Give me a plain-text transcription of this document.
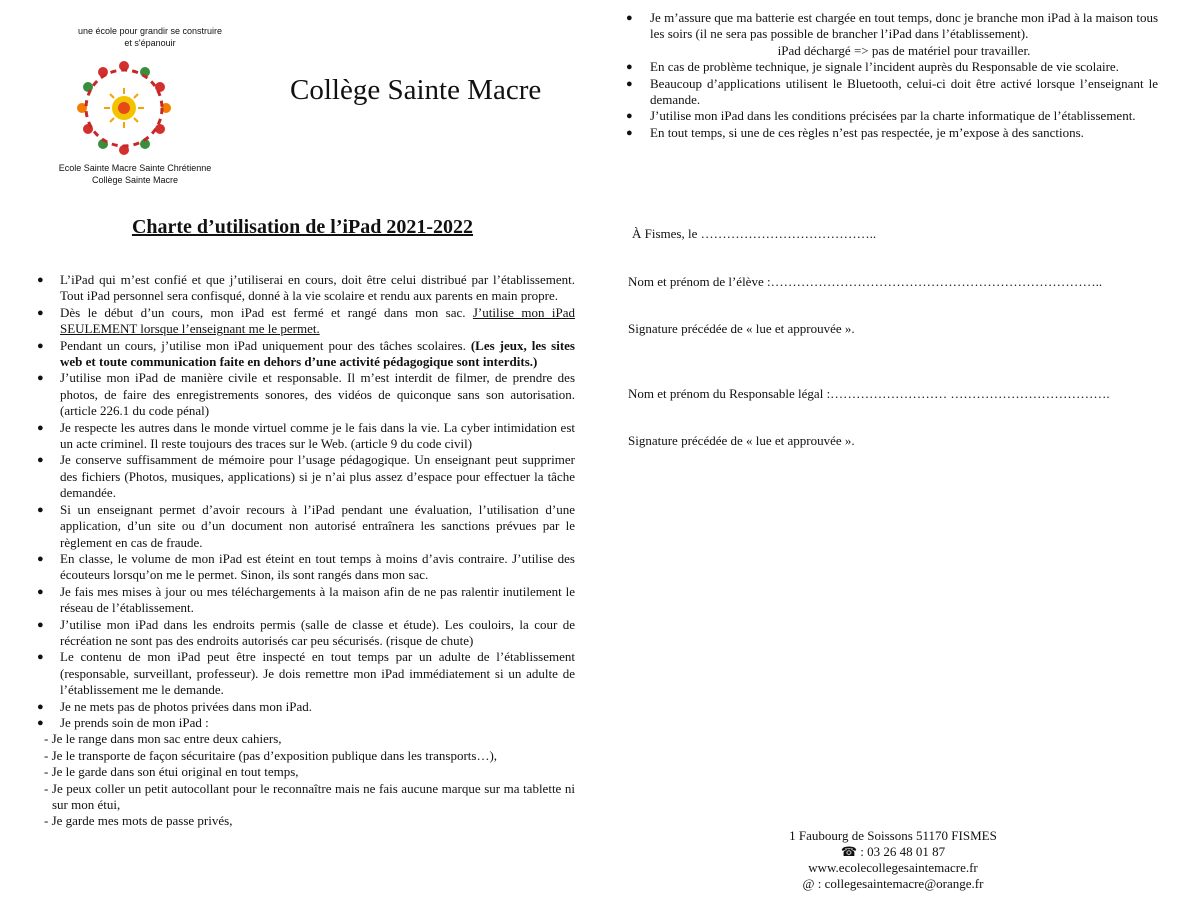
une école pour grandir se construire
et s'épanouir
Ecole Sainte Macre Sainte Chrétienne
Collège Sainte Macre
Collège Sainte Macre
Charte d’utilisation de l’iPad 2021-2022
● L’iPad qui m’est confié et que j’utiliserai en cours, doit être celui distribué par l’établissement. Tout iPad personnel sera confisqué, donné à la vie scolaire et rendu aux parents en main propre.
● Dès le début d’un cours, mon iPad est fermé et rangé dans mon sac. J’utilise mon iPad SEULEMENT lorsque l’enseignant me le permet.
● Pendant un cours, j’utilise mon iPad uniquement pour des tâches scolaires. (Les jeux, les sites web et toute communication faite en dehors d’une activité pédagogique sont interdits.)
● J’utilise mon iPad de manière civile et responsable. Il m’est interdit de filmer, de prendre des photos, de faire des enregistrements sonores, des vidéos de quiconque sans son autorisation. (article 226.1 du code pénal)
● Je respecte les autres dans le monde virtuel comme je le fais dans la vie. La cyber intimidation est un acte criminel. Il reste toujours des traces sur le Web. (article 9 du code civil)
● Je conserve suffisamment de mémoire pour l’usage pédagogique. Un enseignant peut supprimer des fichiers (Photos, musiques, applications) si je n’ai plus assez d’espace pour effectuer la tâche demandée.
● Si un enseignant permet d’avoir recours à l’iPad pendant une évaluation, l’utilisation d’une application, d’un site ou d’un document non autorisé entraînera les sanctions prévues par le règlement en cas de fraude.
● En classe, le volume de mon iPad est éteint en tout temps à moins d’avis contraire. J’utilise des écouteurs lorsqu’on me le permet. Sinon, ils sont rangés dans mon sac.
● Je fais mes mises à jour ou mes téléchargements à la maison afin de ne pas ralentir inutilement le réseau de l’établissement.
● J’utilise mon iPad dans les endroits permis (salle de classe et étude). Les couloirs, la cour de récréation ne sont pas des endroits autorisés car peu sécurisés. (risque de chute)
● Le contenu de mon iPad peut être inspecté en tout temps par un adulte de l’établissement (responsable, surveillant, professeur). Je dois remettre mon iPad immédiatement si un adulte de l’établissement me le demande.
● Je ne mets pas de photos privées dans mon iPad.
● Je prends soin de mon iPad :
- Je le range dans mon sac entre deux cahiers,
- Je le transporte de façon sécuritaire (pas d’exposition publique dans les transports…),
- Je le garde dans son étui original en tout temps,
- Je peux coller un petit autocollant pour le reconnaître mais ne fais aucune marque sur ma tablette ni sur mon étui,
- Je garde mes mots de passe privés,
● Je m’assure que ma batterie est chargée en tout temps, donc je branche mon iPad à la maison tous les soirs (il ne sera pas possible de brancher l’iPad dans l’établissement).
iPad déchargé => pas de matériel pour travailler.
● En cas de problème technique, je signale l’incident auprès du Responsable de vie scolaire.
● Beaucoup d’applications utilisent le Bluetooth, celui-ci doit être activé lorsque l’enseignant le demande.
● J’utilise mon iPad dans les conditions précisées par la charte informatique de l’établissement.
● En tout temps, si une de ces règles n’est pas respectée, je m’expose à des sanctions.
À Fismes, le …………………………………..
Nom et prénom de l’élève :…………………………………………………………………..
Signature précédée de « lue et approuvée ».
Nom et prénom du Responsable légal :……………………… ……………………………….
Signature précédée de « lue et approuvée ».
1 Faubourg de Soissons 51170 FISMES
☎ : 03 26 48 01 87
www.ecolecollegesaintemacre.fr
@ : collegesaintemacre@orange.fr
